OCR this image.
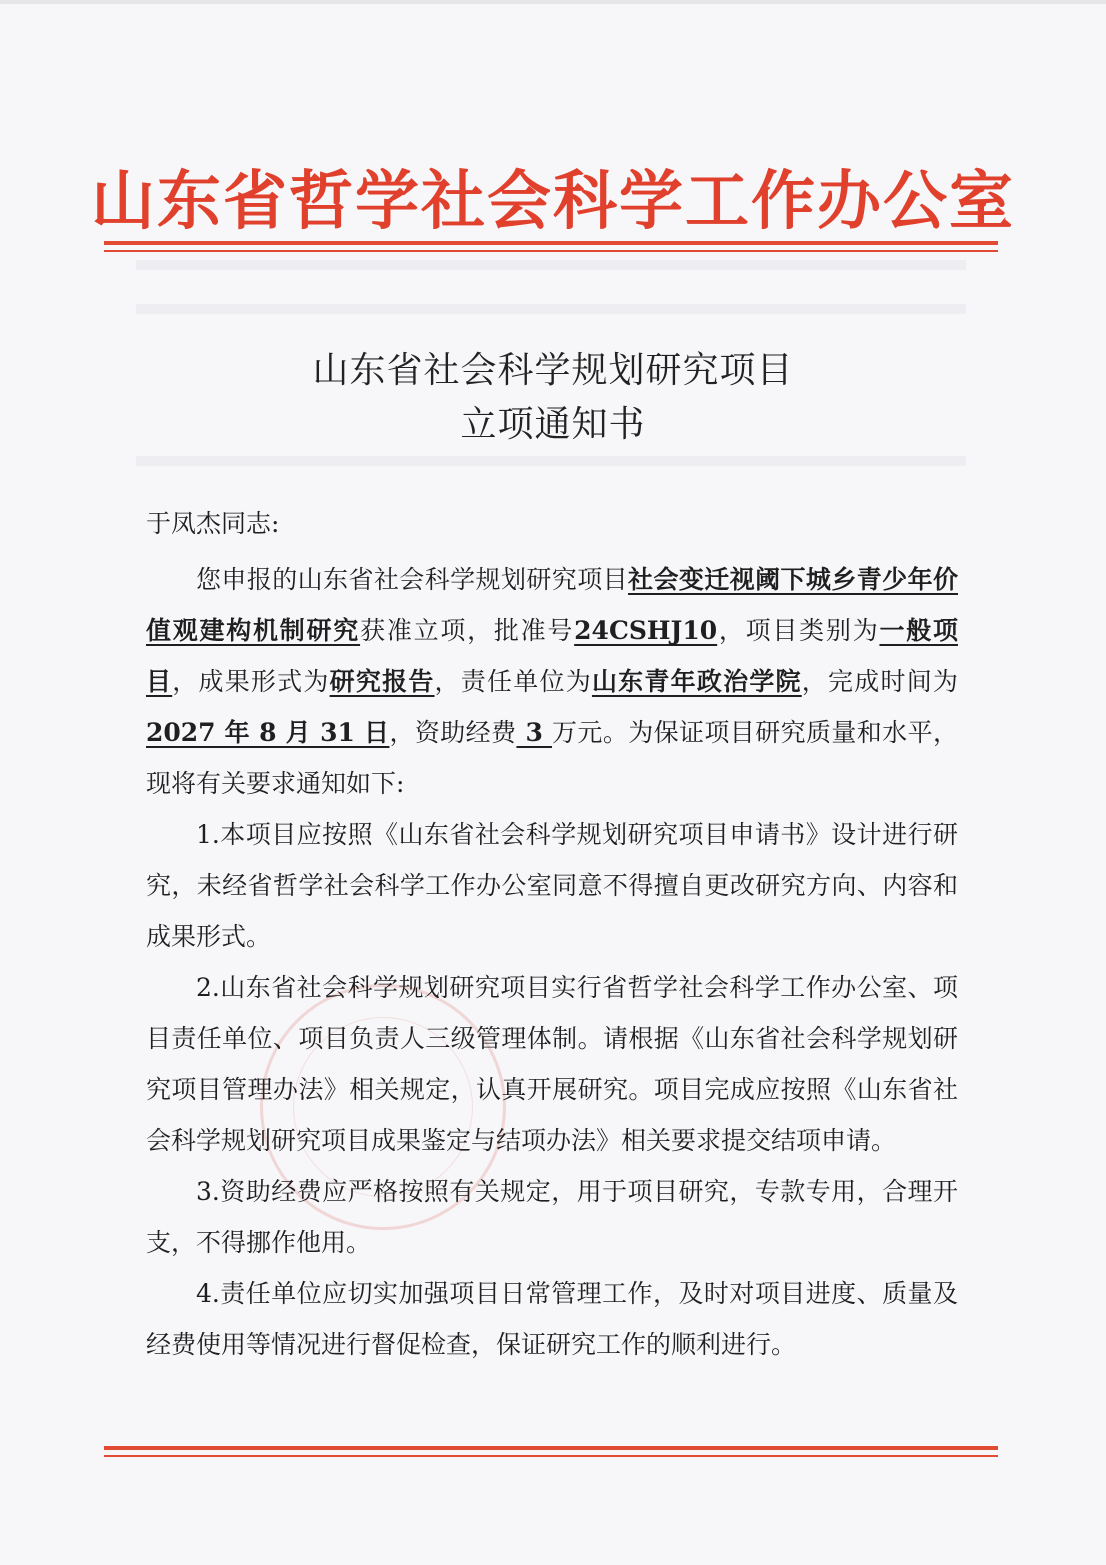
山东省哲学社会科学工作办公室
山东省社会科学规划研究项目
立项通知书
于凤杰同志:

您申报的山东省社会科学规划研究项目社会变迁视阈下城乡青少年价值观建构机制研究获准立项，批准号24CSHJ10，项目类别为一般项目，成果形式为研究报告，责任单位为山东青年政治学院，完成时间为2027 年 8 月 31 日，资助经费 3 万元。为保证项目研究质量和水平，现将有关要求通知如下:

1.本项目应按照《山东省社会科学规划研究项目申请书》设计进行研究，未经省哲学社会科学工作办公室同意不得擅自更改研究方向、内容和成果形式。

2.山东省社会科学规划研究项目实行省哲学社会科学工作办公室、项目责任单位、项目负责人三级管理体制。请根据《山东省社会科学规划研究项目管理办法》相关规定，认真开展研究。项目完成应按照《山东省社会科学规划研究项目成果鉴定与结项办法》相关要求提交结项申请。

3.资助经费应严格按照有关规定，用于项目研究，专款专用，合理开支，不得挪作他用。

4.责任单位应切实加强项目日常管理工作，及时对项目进度、质量及经费使用等情况进行督促检查，保证研究工作的顺利进行。
